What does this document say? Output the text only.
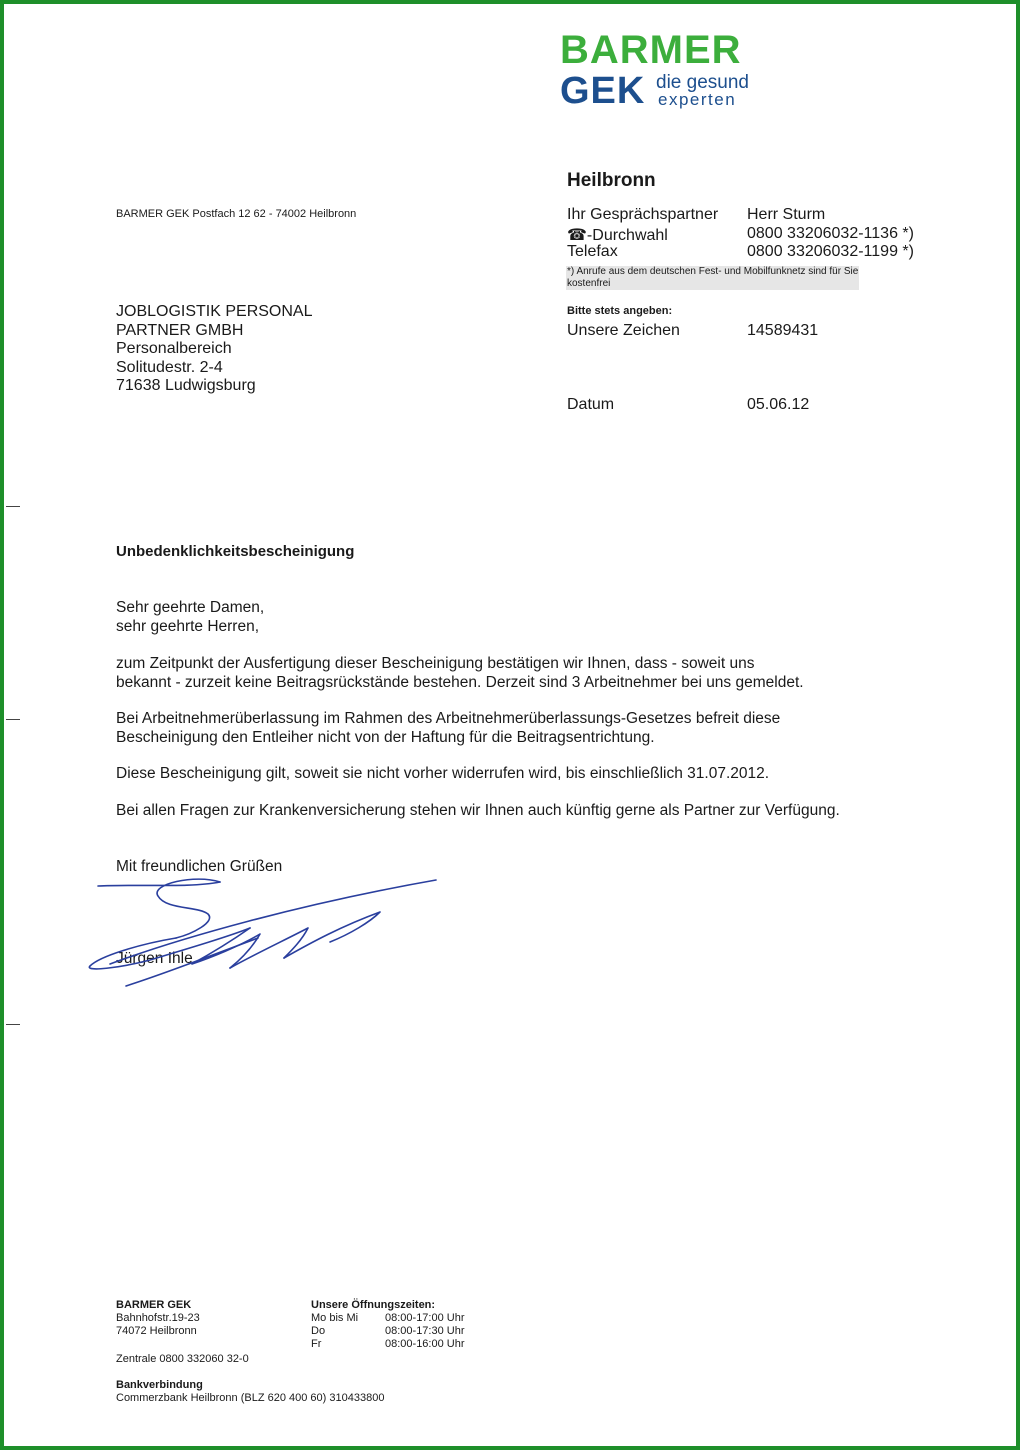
BARMER
GEK die gesund
experten
Heilbronn
BARMER GEK Postfach 12 62 - 74002 Heilbronn	Ihr Gesprächspartner Herr Sturm
☎-Durchwahl	0800 33206032-1136 *)
Telefax	0800 33206032-1199 *)
*) Anrufe aus dem deutschen Fest- und Mobilfunknetz sind für Sie
kostenfrei
Bitte stets angeben:
Unsere Zeichen	14589431
Datum	05.06.12
JOBLOGISTIK PERSONAL
PARTNER GMBH
Personalbereich
Solitudestr. 2-4
71638 Ludwigsburg
Unbedenklichkeitsbescheinigung
Sehr geehrte Damen,
sehr geehrte Herren,
zum Zeitpunkt der Ausfertigung dieser Bescheinigung bestätigen wir Ihnen, dass - soweit uns
bekannt - zurzeit keine Beitragsrückstände bestehen. Derzeit sind 3 Arbeitnehmer bei uns gemeldet.
Bei Arbeitnehmerüberlassung im Rahmen des Arbeitnehmerüberlassungs-Gesetzes befreit diese
Bescheinigung den Entleiher nicht von der Haftung für die Beitragsentrichtung.
Diese Bescheinigung gilt, soweit sie nicht vorher widerrufen wird, bis einschließlich 31.07.2012.
Bei allen Fragen zur Krankenversicherung stehen wir Ihnen auch künftig gerne als Partner zur Verfügung.
Mit freundlichen Grüßen
Jürgen Ihle
BARMER GEK
Bahnhofstr.19-23
74072 Heilbronn
Zentrale 0800 332060 32-0
Bankverbindung
Commerzbank Heilbronn (BLZ 620 400 60) 310433800
Unsere Öffnungszeiten:
Mo bis Mi 08:00-17:00 Uhr
Do	08:00-17:30 Uhr
Fr	08:00-16:00 Uhr
